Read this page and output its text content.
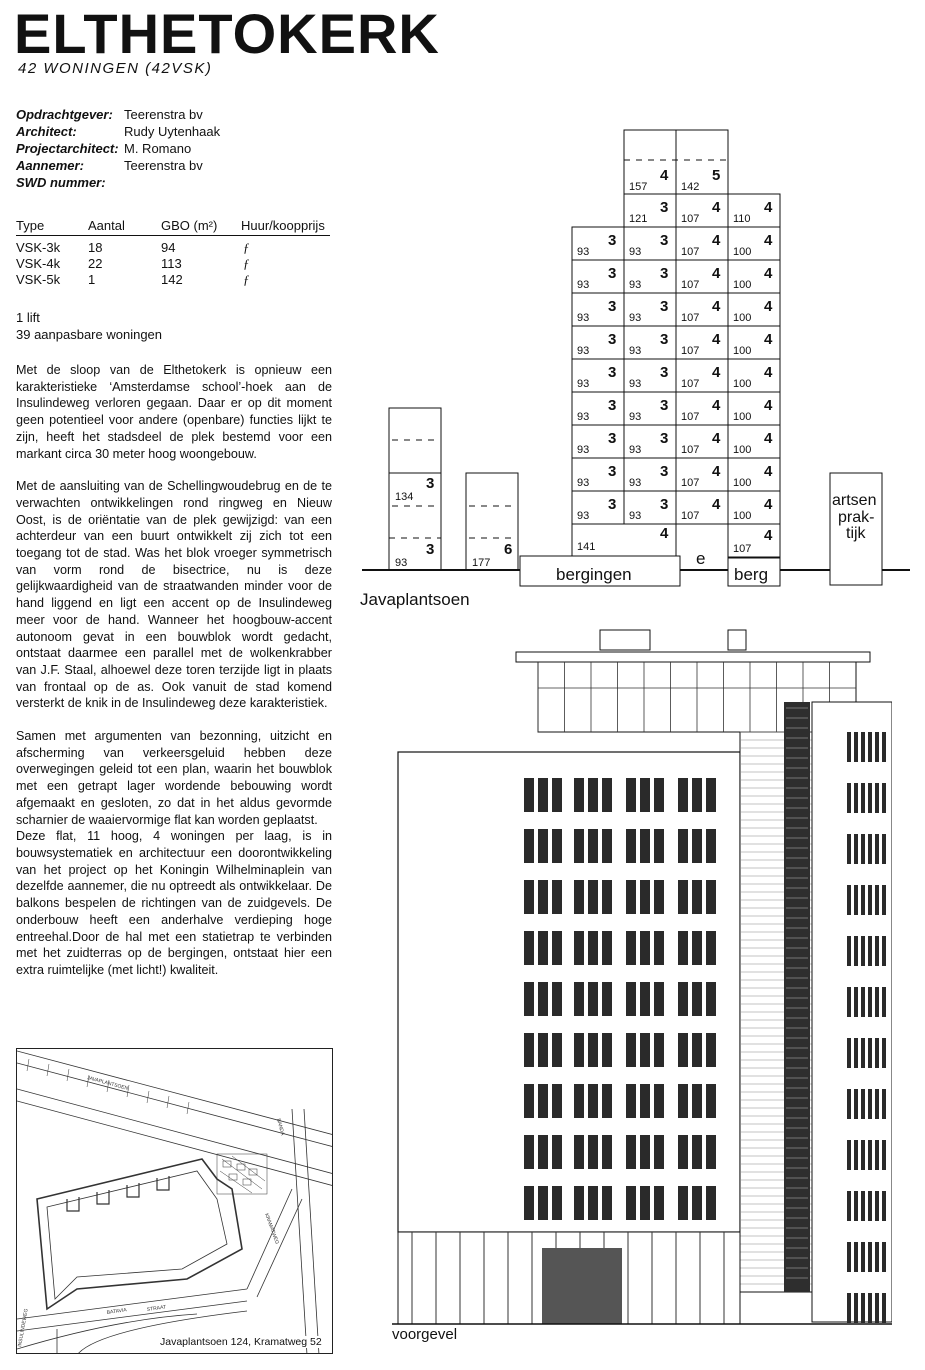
ELTHETOKERK
42 WONINGEN (42VSK)
Opdrachtgever: Teerenstra bv
Architect:	Rudy Uytenhaak
Projectarchitect: M. Romano
Aannemer:	Teerenstra bv
SWD nummer:
Type	Aantal	GBO (m²)	Huur/koopprijs

VSK-3k	18	94	ƒ
VSK-4k	22	113	ƒ
VSK-5k	1	142	ƒ
1 lift
39 aanpasbare woningen

Met de sloop van de Elthetokerk is opnieuw een karakteristieke ‘Amsterdamse school’-hoek aan de Insulindeweg verloren gegaan. Daar er op dit moment geen potentieel voor andere (openbare) functies lijkt te zijn, heeft het stadsdeel de plek bestemd voor een markant circa 30 meter hoog woongebouw.

Met de aansluiting van de Schellingwoudebrug en de te verwachten ontwikkelingen rond ringweg en Nieuw Oost, is de oriëntatie van de plek gewijzigd: van een achterdeur van een buurt ontwikkelt zij zich tot een toegang tot de stad. Was het blok vroeger symmetrisch van vorm rond de bisectrice, nu is deze gelijkwaardigheid van de straatwanden minder voor de hand liggend en ligt een accent op de Insulindeweg meer voor de hand. Wanneer het hoogbouw-accent autonoom gevat in een bouwblok wordt gedacht, ontstaat daarmee een parallel met de wolkenkrabber van J.F. Staal, alhoewel deze toren terzijde ligt in plaats van frontaal op de as. Ook vanuit de stad komend versterkt de knik in de Insulindeweg deze karakteristiek.

Samen met argumenten van bezonning, uitzicht en afscherming van verkeersgeluid hebben deze overwegingen geleid tot een plan, waarin het bouwblok met een getrapt lager wordende bebouwing wordt afgemaakt en gesloten, zo dat in het aldus gevormde scharnier de waaiervormige flat kan worden geplaatst.

Deze flat, 11 hoog, 4 woningen per laag, is in bouwsystematiek en architectuur een doorontwikkeling van het project op het Koningin Wilhelminaplein van dezelfde aannemer, die nu optreedt als ontwikkelaar. De balkons bespelen de richtingen van de zuidgevels. De onderbouw heeft een anderhalve verdieping hoge entreehal.Door de hal met een statietrap te verbinden met het zuidterras op de bergingen, ontstaat hier een extra ruimtelijke (met licht!) kwaliteit.

JAVAPLANTSOEN
BATAVIA	STRAAT
KRAMATWEG
INSULINDEWEG
BANDA
Javaplantsoen 124, Kramatweg 52
157
4
142
5
121
3
107
4
110
4
93
3
93
3
107
4
100
4
93
3
93
3
107
4
100
4
93
3
93
3
107
4
100
4
93
3
93
3
107
4
100
4
93
3
93
3
107
4
100
4
93
3
93
3
107
4
100
4
93
3
93
3
107
4
100
4
93
3
93
3
107
4
100
4
93
3
93
3
107
4
100
4
141
4
107
4
bergingen
e
berg
134
3
93
3
177
6
artsen
prak-
tijk
Javaplantsoen
voorgevel
